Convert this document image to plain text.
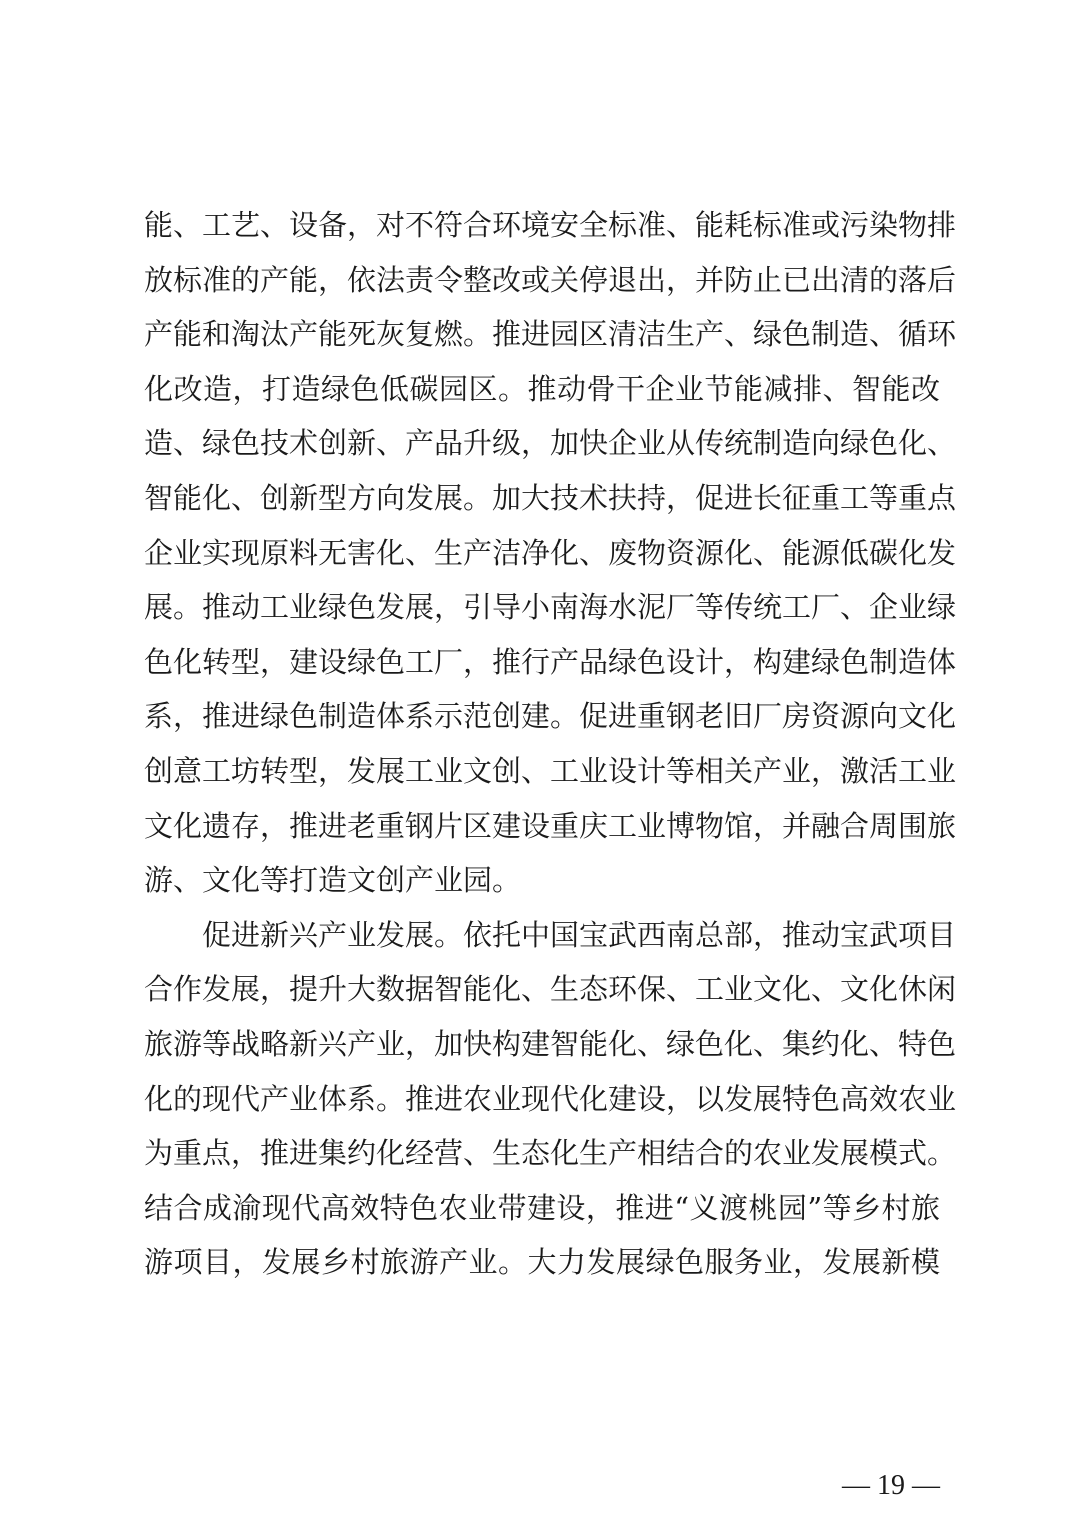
能、工艺、设备，对不符合环境安全标准、能耗标准或污染物排
放标准的产能，依法责令整改或关停退出，并防止已出清的落后
产能和淘汰产能死灰复燃。推进园区清洁生产、绿色制造、循环
化改造，打造绿色低碳园区。推动骨干企业节能减排、智能改
造、绿色技术创新、产品升级，加快企业从传统制造向绿色化、
智能化、创新型方向发展。加大技术扶持，促进长征重工等重点
企业实现原料无害化、生产洁净化、废物资源化、能源低碳化发
展。推动工业绿色发展，引导小南海水泥厂等传统工厂、企业绿
色化转型，建设绿色工厂，推行产品绿色设计，构建绿色制造体
系，推进绿色制造体系示范创建。促进重钢老旧厂房资源向文化
创意工坊转型，发展工业文创、工业设计等相关产业，激活工业
文化遗存，推进老重钢片区建设重庆工业博物馆，并融合周围旅
游、文化等打造文创产业园。
促进新兴产业发展。依托中国宝武西南总部，推动宝武项目
合作发展，提升大数据智能化、生态环保、工业文化、文化休闲
旅游等战略新兴产业，加快构建智能化、绿色化、集约化、特色
化的现代产业体系。推进农业现代化建设，以发展特色高效农业
为重点，推进集约化经营、生态化生产相结合的农业发展模式。
结合成渝现代高效特色农业带建设，推进“义渡桃园”等乡村旅
游项目，发展乡村旅游产业。大力发展绿色服务业，发展新模
— 19 —
